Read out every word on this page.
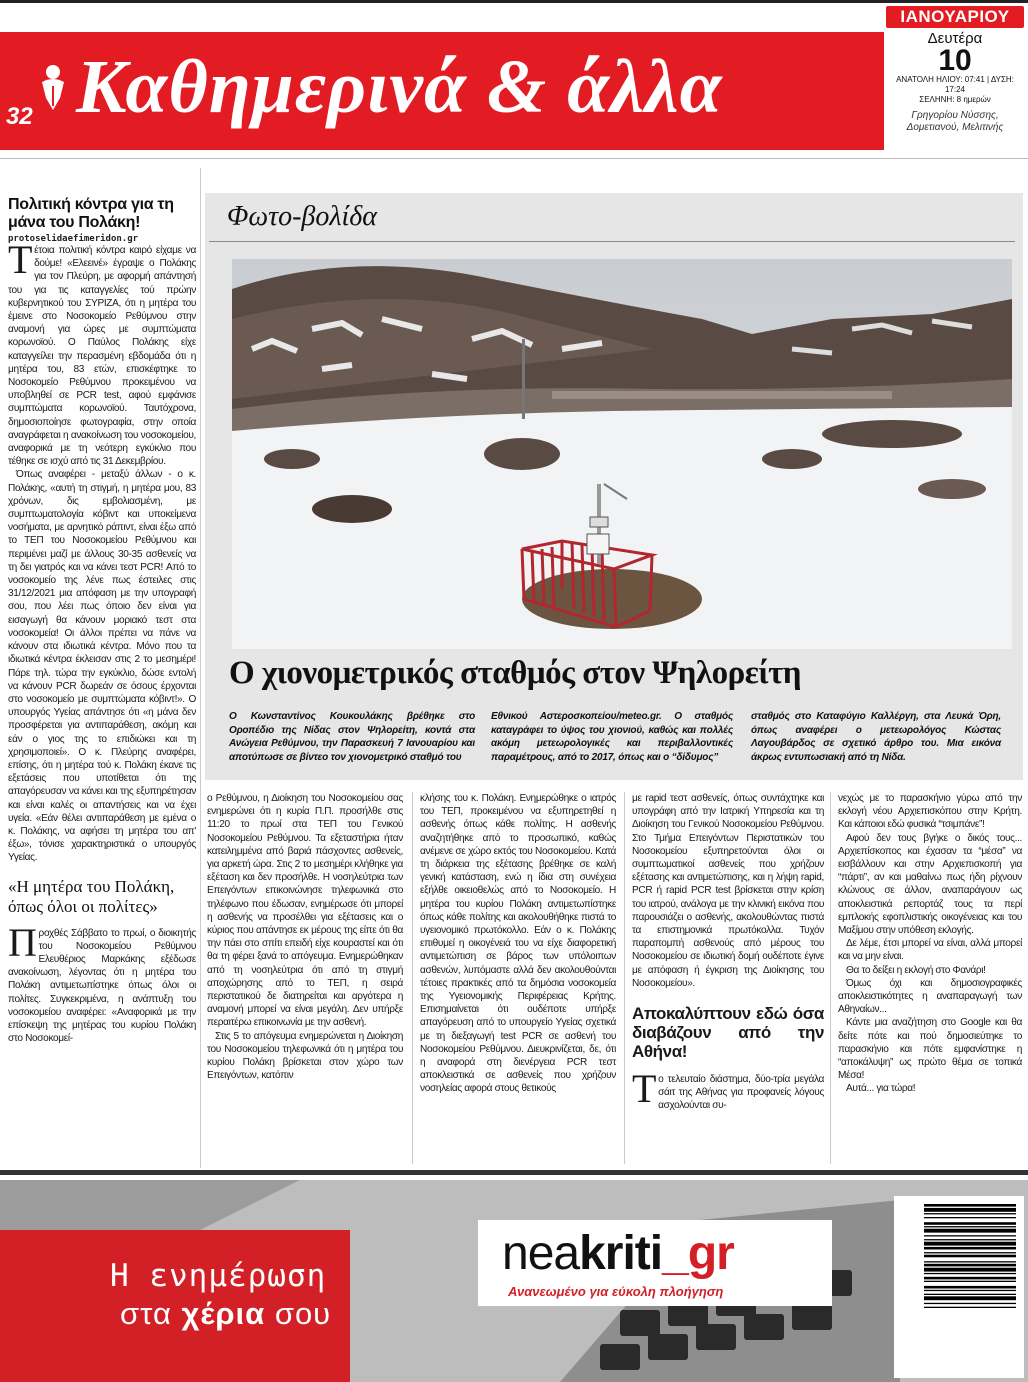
32 Καθημερινά & άλλα
ΙΑΝΟΥΑΡΙΟΥ
Δευτέρα
10
ΑΝΑΤΟΛΗ ΗΛΙΟΥ: 07:41 | ΔΥΣΗ: 17:24
ΣΕΛΗΝΗ: 8 ημερών
Γρηγορίου Νύσσης, Δομετιανού, Μελιτινής
Πολιτική κόντρα για τη μάνα του Πολάκη!
protoselidaefimeridon.gr
Τ έτοια πολιτική κόντρα καιρό είχαμε να δούμε! «Ελεεινέ» έγραψε ο Πολάκης για τον Πλεύρη, με αφορμή απάντησή του για τις καταγγελίες τού πρώην κυβερνητικού του ΣΥΡΙΖΑ, ότι η μητέρα του έμεινε στο Νοσοκομείο Ρεθύμνου στην αναμονή για ώρες με συμπτώματα κορωνοϊού. Ο Παύλος Πολάκης είχε καταγγείλει την περασμένη εβδομάδα ότι η μητέρα του, 83 ετών, επισκέφτηκε το Νοσοκομείο Ρεθύμνου προκειμένου να υποβληθεί σε PCR test, αφού εμφάνισε συμπτώματα κορωνοϊού. Ταυτόχρονα, δημοσιοποίησε φωτογραφία, στην οποία αναγράφεται η ανακοίνωση του νοσοκομείου, αναφορικά με τη νεότερη εγκύκλιο που τέθηκε σε ισχύ από τις 31 Δεκεμβρίου.

Όπως αναφέρει - μεταξύ άλλων - ο κ. Πολάκης, «αυτή τη στιγμή, η μητέρα μου, 83 χρόνων, δις εμβολιασμένη, με συμπτωματολογία κόβιντ και υποκείμενα νοσήματα, με αρνητικό ράπιντ, είναι έξω από το ΤΕΠ του Νοσοκομείου Ρεθύμνου και περιμένει μαζί με άλλους 30-35 ασθενείς να τη δει γιατρός και να κάνει τεστ PCR! Από το νοσοκομείο της λένε πως έστειλες στις 31/12/2021 μια απόφαση με την υπογραφή σου, που λέει πως όποιο δεν είναι για εισαγωγή θα κάνουν μοριακό τεστ στα νοσοκομεία! Οι άλλοι πρέπει να πάνε να κάνουν στα ιδιωτικά κέντρα. Μόνο που τα ιδιωτικά κέντρα έκλεισαν στις 2 το μεσημέρι! Πάρε τηλ. τώρα την εγκύκλιο, δώσε εντολή να κάνουν PCR δωρεάν σε όσους έρχονται στο νοσοκομείο με συμπτώματα κόβιντ!». Ο υπουργός Υγείας απάντησε ότι «η μάνα δεν προσφέρεται για αντιπαράθεση, ακόμη και εάν ο γιος της το επιδιώκει και τη χρησιμοποιεί». Ο κ. Πλεύρης αναφέρει, επίσης, ότι η μητέρα τού κ. Πολάκη έκανε τις εξετάσεις που υποτίθεται ότι της απαγόρευσαν να κάνει και της εξυπηρέτησαν και είναι καλές οι απαντήσεις και να έχει υγεία. «Εάν θέλει αντιπαράθεση με εμένα ο κ. Πολάκης, να αφήσει τη μητέρα του απ' έξω», τόνισε χαρακτηριστικά ο υπουργός Υγείας.

«Η μητέρα του Πολάκη, όπως όλοι οι πολίτες»
Π ροχθές Σάββατο το πρωί, ο διοικητής του Νοσοκομείου Ρεθύμνου Ελευθέριος Μαρκάκης εξέδωσε ανακοίνωση, λέγοντας ότι η μητέρα του Πολάκη αντιμετωπίστηκε όπως όλοι οι πολίτες. Συγκεκριμένα, η ανάπτυξη του νοσοκομείου αναφέρει: «Αναφορικά με την επίσκεψη της μητέρας του κυρίου Πολάκη στο Νοσοκομεί-
Φωτο-βολίδα
Ο χιονομετρικός σταθμός στον Ψηλορείτη
Ο Κωνσταντίνος Κουκουλάκης βρέθηκε στο Οροπέδιο της Νίδας στον Ψηλορείτη, κοντά στα Ανώγεια Ρεθύμνου, την Παρασκευή 7 Ιανουαρίου και αποτύπωσε σε βίντεο τον χιονομετρικό σταθμό του
Εθνικού Αστεροσκοπείου/meteo.gr. Ο σταθμός καταγράφει το ύψος του χιονιού, καθώς και πολλές ακόμη μετεωρολογικές και περιβαλλοντικές παραμέτρους, από το 2017, όπως και ο “δίδυμος”
σταθμός στο Καταφύγιο Καλλέργη, στα Λευκά Όρη, όπως αναφέρει ο μετεωρολόγος Κώστας Λαγουβάρδος σε σχετικό άρθρο του. Μια εικόνα άκρως εντυπωσιακή από τη Νίδα.
ο Ρεθύμνου, η Διοίκηση του Νοσοκομείου σας ενημερώνει ότι η κυρία Π.Π. προσήλθε στις 11:20 το πρωί στα ΤΕΠ του Γενικού Νοσοκομείου Ρεθύμνου. Τα εξεταστήρια ήταν κατειλημμένα από βαριά πάσχοντες ασθενείς, για αρκετή ώρα. Στις 2 το μεσημέρι κλήθηκε για εξέταση και δεν προσήλθε. Η νοσηλεύτρια των Επειγόντων επικοινώνησε τηλεφωνικά στο τηλέφωνο που έδωσαν, ενημέρωσε ότι μπορεί η ασθενής να προσέλθει για εξέτασεις και ο κύριος που απάντησε εκ μέρους της είπε ότι θα την πάει στο σπίτι επειδή είχε κουραστεί και ότι θα τη φέρει ξανά το απόγευμα. Ενημερώθηκαν από τη νοσηλεύτρια ότι από τη στιγμή αποχώρησης από το ΤΕΠ, η σειρά περιστατικού δε διατηρείται και αργότερα η αναμονή μπορεί να είναι μεγάλη. Δεν υπήρξε περαιτέρω επικοινωνία με την ασθενή.

Στις 5 το απόγευμα ενημερώνεται η Διοίκηση του Νοσοκομείου τηλεφωνικά ότι η μητέρα του κυρίου Πολάκη βρίσκεται στον χώρο των Επειγόντων, κατόπιν

κλήσης του κ. Πολάκη. Ενημερώθηκε ο ιατρός του ΤΕΠ, προκειμένου να εξυπηρετηθεί η ασθενής όπως κάθε πολίτης. Η ασθενής αναζητήθηκε από το προσωπικό, καθώς ανέμενε σε χώρο εκτός του Νοσοκομείου. Κατά τη διάρκεια της εξέτασης βρέθηκε σε καλή γενική κατάσταση, ενώ η ίδια στη συνέχεια εξήλθε οικειοθελώς από το Νοσοκομείο. Η μητέρα του κυρίου Πολάκη αντιμετωπίστηκε όπως κάθε πολίτης και ακολουθήθηκε πιστά το υγειονομικό πρωτόκολλο. Εάν ο κ. Πολάκης επιθυμεί η οικογένειά του να είχε διαφορετική αντιμετώπιση σε βάρος των υπόλοιπων ασθενών, λυπόμαστε αλλά δεν ακολουθούνται τέτοιες πρακτικές από τα δημόσια νοσοκομεία της Υγειονομικής Περιφέρειας Κρήτης. Επισημαίνεται ότι ουδέποτε υπήρξε απαγόρευση από το υπουργείο Υγείας σχετικά με τη διεξαγωγή test PCR σε ασθενή του Νοσοκομείου Ρεθύμνου. Διευκρινίζεται, δε, ότι η αναφορά στη διενέργεια PCR τεστ αποκλειστικά σε ασθενείς που χρήζουν νοσηλείας αφορά στους θετικούς
με rapid τεστ ασθενείς, όπως συντάχτηκε και υπογράφη από την Ιατρική Υπηρεσία και τη Διοίκηση του Γενικού Νοσοκομείου Ρεθύμνου. Στο Τμήμα Επειγόντων Περιστατικών του Νοσοκομείου εξυπηρετούνται όλοι οι συμπτωματικοί ασθενείς που χρήζουν εξέτασης και αντιμετώπισης, και η λήψη rapid, PCR ή rapid PCR test βρίσκεται στην κρίση του ιατρού, ανάλογα με την κλινική εικόνα που παρουσιάζει ο ασθενής, ακολουθώντας πιστά τα επιστημονικά πρωτόκολλα. Τυχόν παραπομπή ασθενούς από μέρους του Νοσοκομείου σε ιδιωτική δομή ουδέποτε έγινε με απόφαση ή έγκριση της Διοίκησης του Νοσοκομείου».
Αποκαλύπτουν εδώ όσα διαβάζουν από την Αθήνα!
Τ ο τελευταίο διάστημα, δύο-τρία μεγάλα σάιτ της Αθήνας για προφανείς λόγους ασχολούνται συ-
νεχώς με το παρασκήνιο γύρω από την εκλογή νέου Αρχιεπισκόπου στην Κρήτη. Και κάποιοι εδώ φυσικά “τσιμπάνε”!

Αφού δεν τους βγήκε ο δικός τους... Αρχιεπίσκοπος και έχασαν τα “μέσα” να εισβάλλουν και στην Αρχιεπισκοπή για “πάρτι”, αν και μαθαίνω πως ήδη ρίχνουν κλώνους σε άλλον, αναπαράγουν ως αποκλειστικά ρεπορτάζ τους τα περί εμπλοκής εφοπλιστικής οικογένειας και του Μαξίμου στην υπόθεση εκλογής.

Δε λέμε, έτσι μπορεί να είναι, αλλά μπορεί και να μην είναι.

Θα το δείξει η εκλογή στο Φανάρι!

Όμως όχι και δημοσιογραφικές αποκλειστικότητες η αναπαραγωγή των Αθηναίων...

Κάντε μια αναζήτηση στο Google και θα δείτε πότε και πού δημοσιεύτηκε το παρασκήνιο και πότε εμφανίστηκε η “αποκάλυψη” ως πρώτο θέμα σε τοπικά Μέσα!

Αυτά... για τώρα!

Η ενημέρωση
στα χέρια σου
neakriti_gr
Ανανεωμένο για εύκολη πλοήγηση
